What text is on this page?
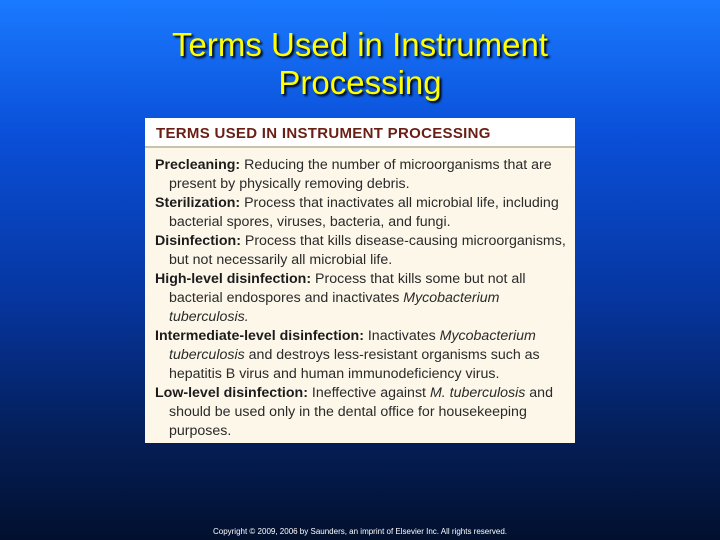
Terms Used in Instrument
Processing
TERMS USED IN INSTRUMENT PROCESSING
Precleaning: Reducing the number of microorganisms that are
present by physically removing debris.
Sterilization: Process that inactivates all microbial life, including
bacterial spores, viruses, bacteria, and fungi.
Disinfection: Process that kills disease-causing microorganisms,
but not necessarily all microbial life.
High-level disinfection: Process that kills some but not all
bacterial endospores and inactivates Mycobacterium
tuberculosis.
Intermediate-level disinfection: Inactivates Mycobacterium
tuberculosis and destroys less-resistant organisms such as
hepatitis B virus and human immunodeficiency virus.
Low-level disinfection: Ineffective against M. tuberculosis and
should be used only in the dental office for housekeeping
purposes.
Copyright © 2009, 2006 by Saunders, an imprint of Elsevier Inc. All rights reserved.
